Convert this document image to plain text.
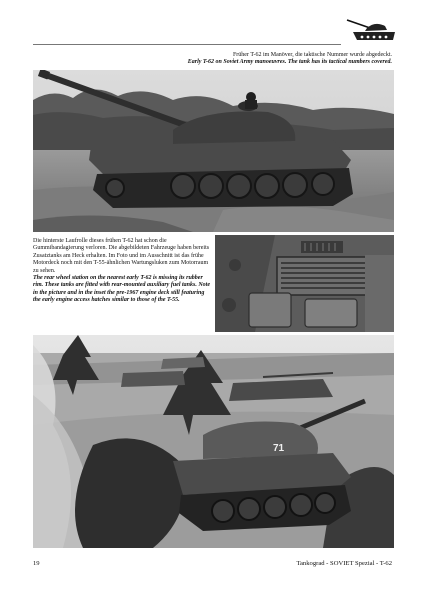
Früher T-62 im Manöver, die taktische Nummer wurde abgedeckt.
Early T-62 on Soviet Army manoeuvres. The tank has its tactical numbers covered.
Die hinterste Laufrolle dieses frühen T-62 hat schon die Gummibandagierung verloren. Die abgebildeten Fahrzeuge haben bereits Zusatztanks am Heck erhalten. Im Foto und im Ausschnitt ist das frühe Motordeck noch mit den T-55-ähnlichen Wartungsluken zum Motorraum zu sehen.
The rear wheel station on the nearest early T-62 is missing its rubber rim. These tanks are fitted with rear-mounted auxiliary fuel tanks. Note in the picture and in the inset the pre-1967 engine deck still featuring the early engine access hatches similar to those of the T-55.
71
19	Tankograd - SOVIET Spezial - T-62
